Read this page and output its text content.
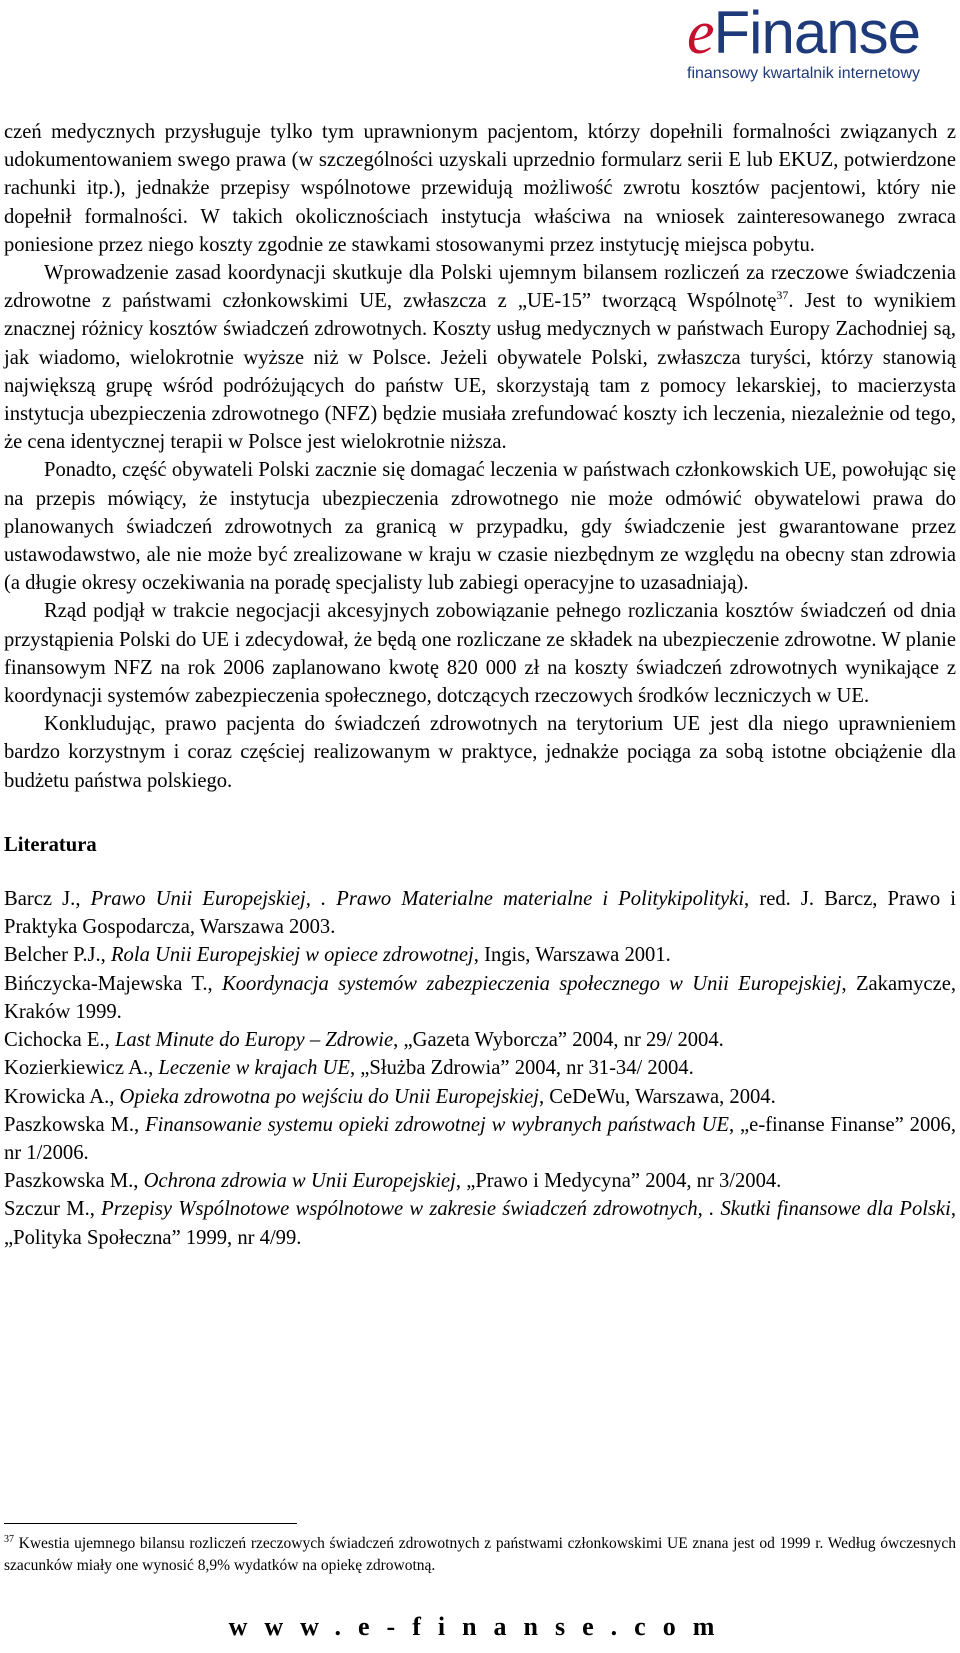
eFinanse
finansowy kwartalnik internetowy

czeń medycznych przysługuje tylko tym uprawnionym pacjentom, którzy dopełnili formalności związanych z udokumentowaniem swego prawa (w szczególności uzyskali uprzednio formularz serii E lub EKUZ, potwierdzone rachunki itp.), jednakże przepisy wspólnotowe przewidują możliwość zwrotu kosztów pacjentowi, który nie dopełnił formalności. W takich okolicznościach instytucja właściwa na wniosek zainteresowanego zwraca poniesione przez niego koszty zgodnie ze stawkami stosowanymi przez instytucję miejsca pobytu.

Wprowadzenie zasad koordynacji skutkuje dla Polski ujemnym bilansem rozliczeń za rzeczowe świadczenia zdrowotne z państwami członkowskimi UE, zwłaszcza z „UE-15” tworzącą Wspólnotę$^{37}$. Jest to wynikiem znacznej różnicy kosztów świadczeń zdrowotnych. Koszty usług medycznych w państwach Europy Zachodniej są, jak wiadomo, wielokrotnie wyższe niż w Polsce. Jeżeli obywatele Polski, zwłaszcza turyści, którzy stanowią największą grupę wśród podróżujących do państw UE, skorzystają tam z pomocy lekarskiej, to macierzysta instytucja ubezpieczenia zdrowotnego (NFZ) będzie musiała zrefundować koszty ich leczenia, niezależnie od tego, że cena identycznej terapii w Polsce jest wielokrotnie niższa.

Ponadto, część obywateli Polski zacznie się domagać leczenia w państwach członkowskich UE, powołując się na przepis mówiący, że instytucja ubezpieczenia zdrowotnego nie może odmówić obywatelowi prawa do planowanych świadczeń zdrowotnych za granicą w przypadku, gdy świadczenie jest gwarantowane przez ustawodawstwo, ale nie może być zrealizowane w kraju w czasie niezbędnym ze względu na obecny stan zdrowia (a długie okresy oczekiwania na poradę specjalisty lub zabiegi operacyjne to uzasadniają).

Rząd podjął w trakcie negocjacji akcesyjnych zobowiązanie pełnego rozliczania kosztów świadczeń od dnia przystąpienia Polski do UE i zdecydował, że będą one rozliczane ze składek na ubezpieczenie zdrowotne. W planie finansowym NFZ na rok 2006 zaplanowano kwotę 820 000 zł na koszty świadczeń zdrowotnych wynikające z koordynacji systemów zabezpieczenia społecznego, dotczących rzeczowych środków leczniczych w UE.

Konkludując, prawo pacjenta do świadczeń zdrowotnych na terytorium UE jest dla niego uprawnieniem bardzo korzystnym i coraz częściej realizowanym w praktyce, jednakże pociąga za sobą istotne obciążenie dla budżetu państwa polskiego.

Literatura

Barcz J., Prawo Unii Europejskiej, . Prawo Materialne materialne i Politykipolityki, red. J. Barcz, Prawo i Praktyka Gospodarcza, Warszawa 2003.

Belcher P.J., Rola Unii Europejskiej w opiece zdrowotnej, Ingis, Warszawa 2001.

Bińczycka-Majewska T., Koordynacja systemów zabezpieczenia społecznego w Unii Europejskiej, Zakamycze, Kraków 1999.

Cichocka E., Last Minute do Europy – Zdrowie, „Gazeta Wyborcza” 2004, nr 29/ 2004.

Kozierkiewicz A., Leczenie w krajach UE, „Służba Zdrowia” 2004, nr 31-34/ 2004.

Krowicka A., Opieka zdrowotna po wejściu do Unii Europejskiej, CeDeWu, Warszawa, 2004.

Paszkowska M., Finansowanie systemu opieki zdrowotnej w wybranych państwach UE, „e-finanse Finanse” 2006, nr 1/2006.

Paszkowska M., Ochrona zdrowia w Unii Europejskiej, „Prawo i Medycyna” 2004, nr 3/2004.

Szczur M., Przepisy Wspólnotowe wspólnotowe w zakresie świadczeń zdrowotnych, . Skutki finansowe dla Polski, „Polityka Społeczna” 1999, nr 4/99.

$^{37}$ Kwestia ujemnego bilansu rozliczeń rzeczowych świadczeń zdrowotnych z państwami członkowskimi UE znana jest od 1999 r. Według ówczesnych szacunków miały one wynosić 8,9% wydatków na opiekę zdrowotną.
www.e-finanse.com
